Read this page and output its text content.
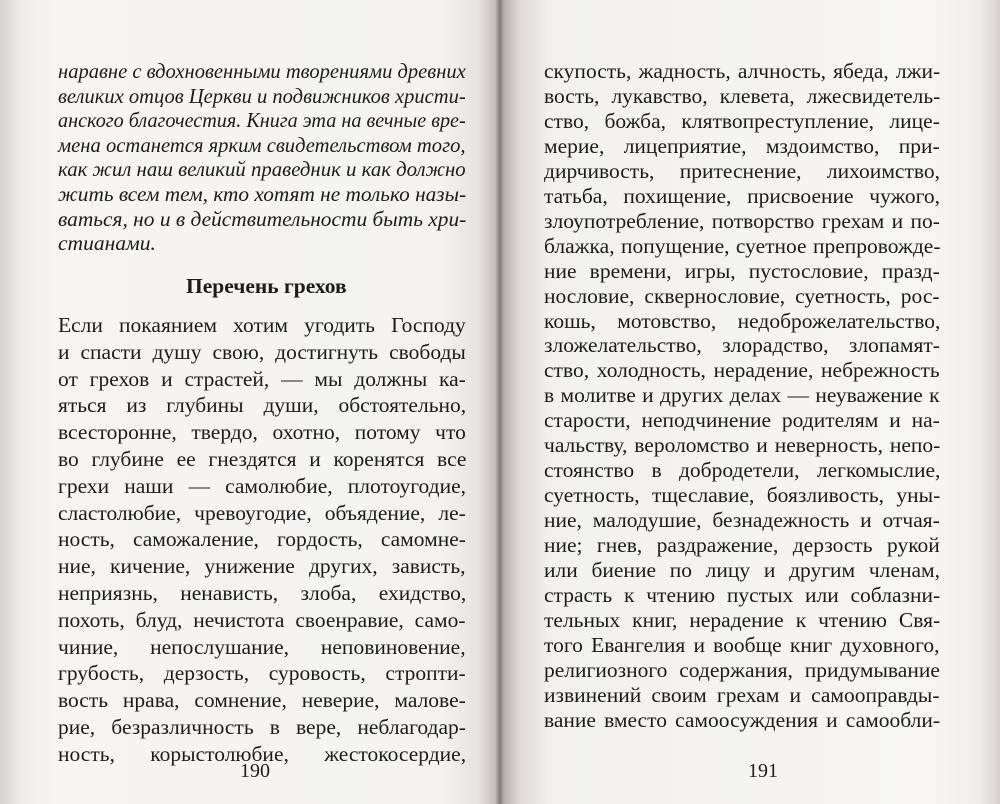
наравне с вдохновенными творениями древних
великих отцов Церкви и подвижников христи-
анского благочестия. Книга эта на вечные вре-
мена останется ярким свидетельством того,
как жил наш великий праведник и как должно
жить всем тем, кто хотят не только назы-
ваться, но и в действительности быть хри-
стианами.
Перечень грехов
Если покаянием хотим угодить Господу
и спасти душу свою, достигнуть свободы
от грехов и страстей, — мы должны ка-
яться из глубины души, обстоятельно,
всесторонне, твердо, охотно, потому что
во глубине ее гнездятся и коренятся все
грехи наши — самолюбие, плотоугодие,
сластолюбие, чревоугодие, объядение, ле-
ность, саможаление, гордость, самомне-
ние, кичение, унижение других, зависть,
неприязнь, ненависть, злоба, ехидство,
похоть, блуд, нечистота своенравие, само-
чиние, непослушание, неповиновение,
грубость, дерзость, суровость, стропти-
вость нрава, сомнение, неверие, малове-
рие, безразличность в вере, неблагодар-
ность, корыстолюбие, жестокосердие,
скупость, жадность, алчность, ябеда, лжи-
вость, лукавство, клевета, лжесвидетель-
ство, божба, клятвопреступление, лице-
мерие, лицеприятие, мздоимство, при-
дирчивость, притеснение, лихоимство,
татьба, похищение, присвоение чужого,
злоупотребление, потворство грехам и по-
блажка, попущение, суетное препровожде-
ние времени, игры, пустословие, празд-
нословие, сквернословие, суетность, рос-
кошь, мотовство, недоброжелательство,
зложелательство, злорадство, злопамят-
ство, холодность, нерадение, небрежность
в молитве и других делах — неуважение к
старости, неподчинение родителям и на-
чальству, вероломство и неверность, непо-
стоянство в добродетели, легкомыслие,
суетность, тщеславие, боязливость, уны-
ние, малодушие, безнадежность и отчая-
ние; гнев, раздражение, дерзость рукой
или биение по лицу и другим членам,
страсть к чтению пустых или соблазни-
тельных книг, нерадение к чтению Свя-
того Евангелия и вообще книг духовного,
религиозного содержания, придумывание
извинений своим грехам и самооправды-
вание вместо самоосуждения и самообли-
190	191
